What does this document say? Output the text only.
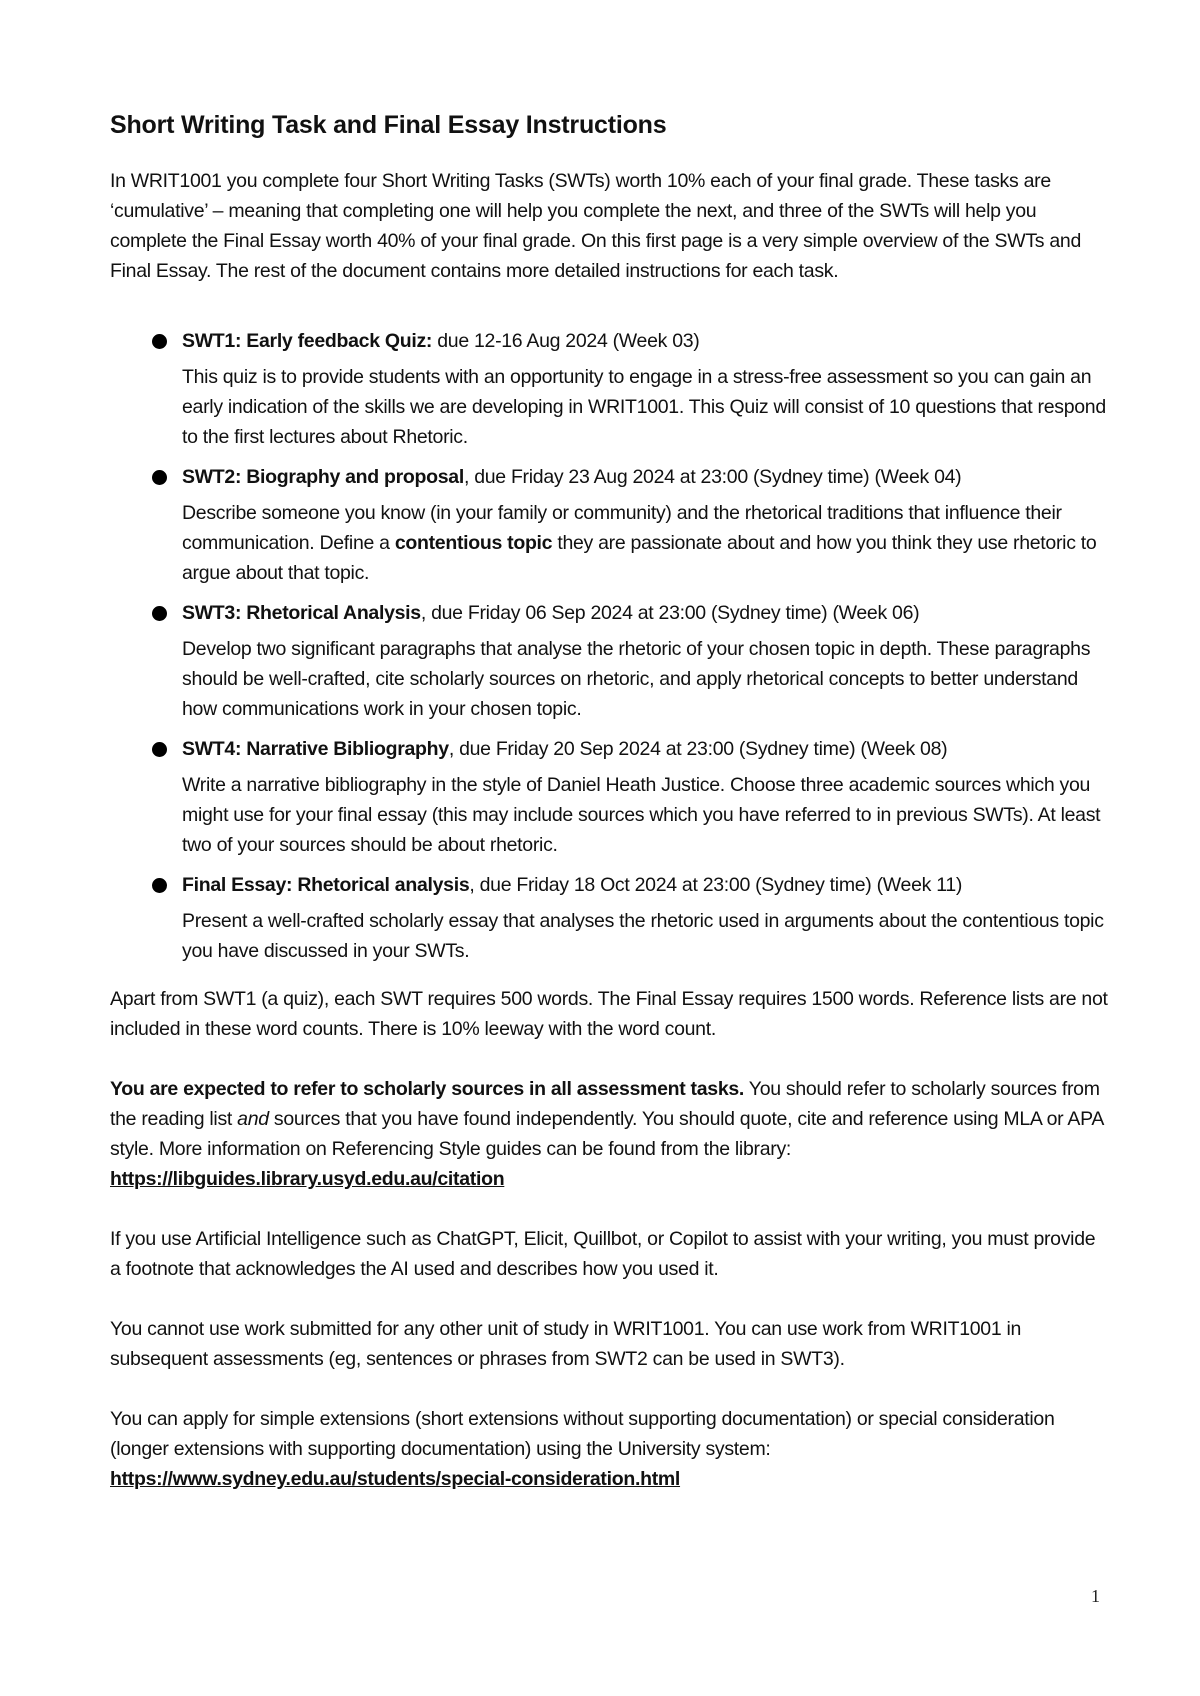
Short Writing Task and Final Essay Instructions

In WRIT1001 you complete four Short Writing Tasks (SWTs) worth 10% each of your final grade. These tasks are ‘cumulative’ – meaning that completing one will help you complete the next, and three of the SWTs will help you complete the Final Essay worth 40% of your final grade. On this first page is a very simple overview of the SWTs and Final Essay. The rest of the document contains more detailed instructions for each task.

SWT1: Early feedback Quiz: due 12-16 Aug 2024 (Week 03)
This quiz is to provide students with an opportunity to engage in a stress-free assessment so you can gain an early indication of the skills we are developing in WRIT1001. This Quiz will consist of 10 questions that respond to the first lectures about Rhetoric.
SWT2: Biography and proposal, due Friday 23 Aug 2024 at 23:00 (Sydney time) (Week 04)
Describe someone you know (in your family or community) and the rhetorical traditions that influence their communication. Define a contentious topic they are passionate about and how you think they use rhetoric to argue about that topic.
SWT3: Rhetorical Analysis, due Friday 06 Sep 2024 at 23:00 (Sydney time) (Week 06)
Develop two significant paragraphs that analyse the rhetoric of your chosen topic in depth. These paragraphs should be well-crafted, cite scholarly sources on rhetoric, and apply rhetorical concepts to better understand how communications work in your chosen topic.
SWT4: Narrative Bibliography, due Friday 20 Sep 2024 at 23:00 (Sydney time) (Week 08)
Write a narrative bibliography in the style of Daniel Heath Justice. Choose three academic sources which you might use for your final essay (this may include sources which you have referred to in previous SWTs). At least two of your sources should be about rhetoric.
Final Essay: Rhetorical analysis, due Friday 18 Oct 2024 at 23:00 (Sydney time) (Week 11)
Present a well-crafted scholarly essay that analyses the rhetoric used in arguments about the contentious topic you have discussed in your SWTs.

Apart from SWT1 (a quiz), each SWT requires 500 words. The Final Essay requires 1500 words. Reference lists are not included in these word counts. There is 10% leeway with the word count.

You are expected to refer to scholarly sources in all assessment tasks. You should refer to scholarly sources from the reading list and sources that you have found independently. You should quote, cite and reference using MLA or APA style. More information on Referencing Style guides can be found from the library: https://libguides.library.usyd.edu.au/citation

If you use Artificial Intelligence such as ChatGPT, Elicit, Quillbot, or Copilot to assist with your writing, you must provide a footnote that acknowledges the AI used and describes how you used it.

You cannot use work submitted for any other unit of study in WRIT1001. You can use work from WRIT1001 in subsequent assessments (eg, sentences or phrases from SWT2 can be used in SWT3).

You can apply for simple extensions (short extensions without supporting documentation) or special consideration (longer extensions with supporting documentation) using the University system: https://www.sydney.edu.au/students/special-consideration.html

1
